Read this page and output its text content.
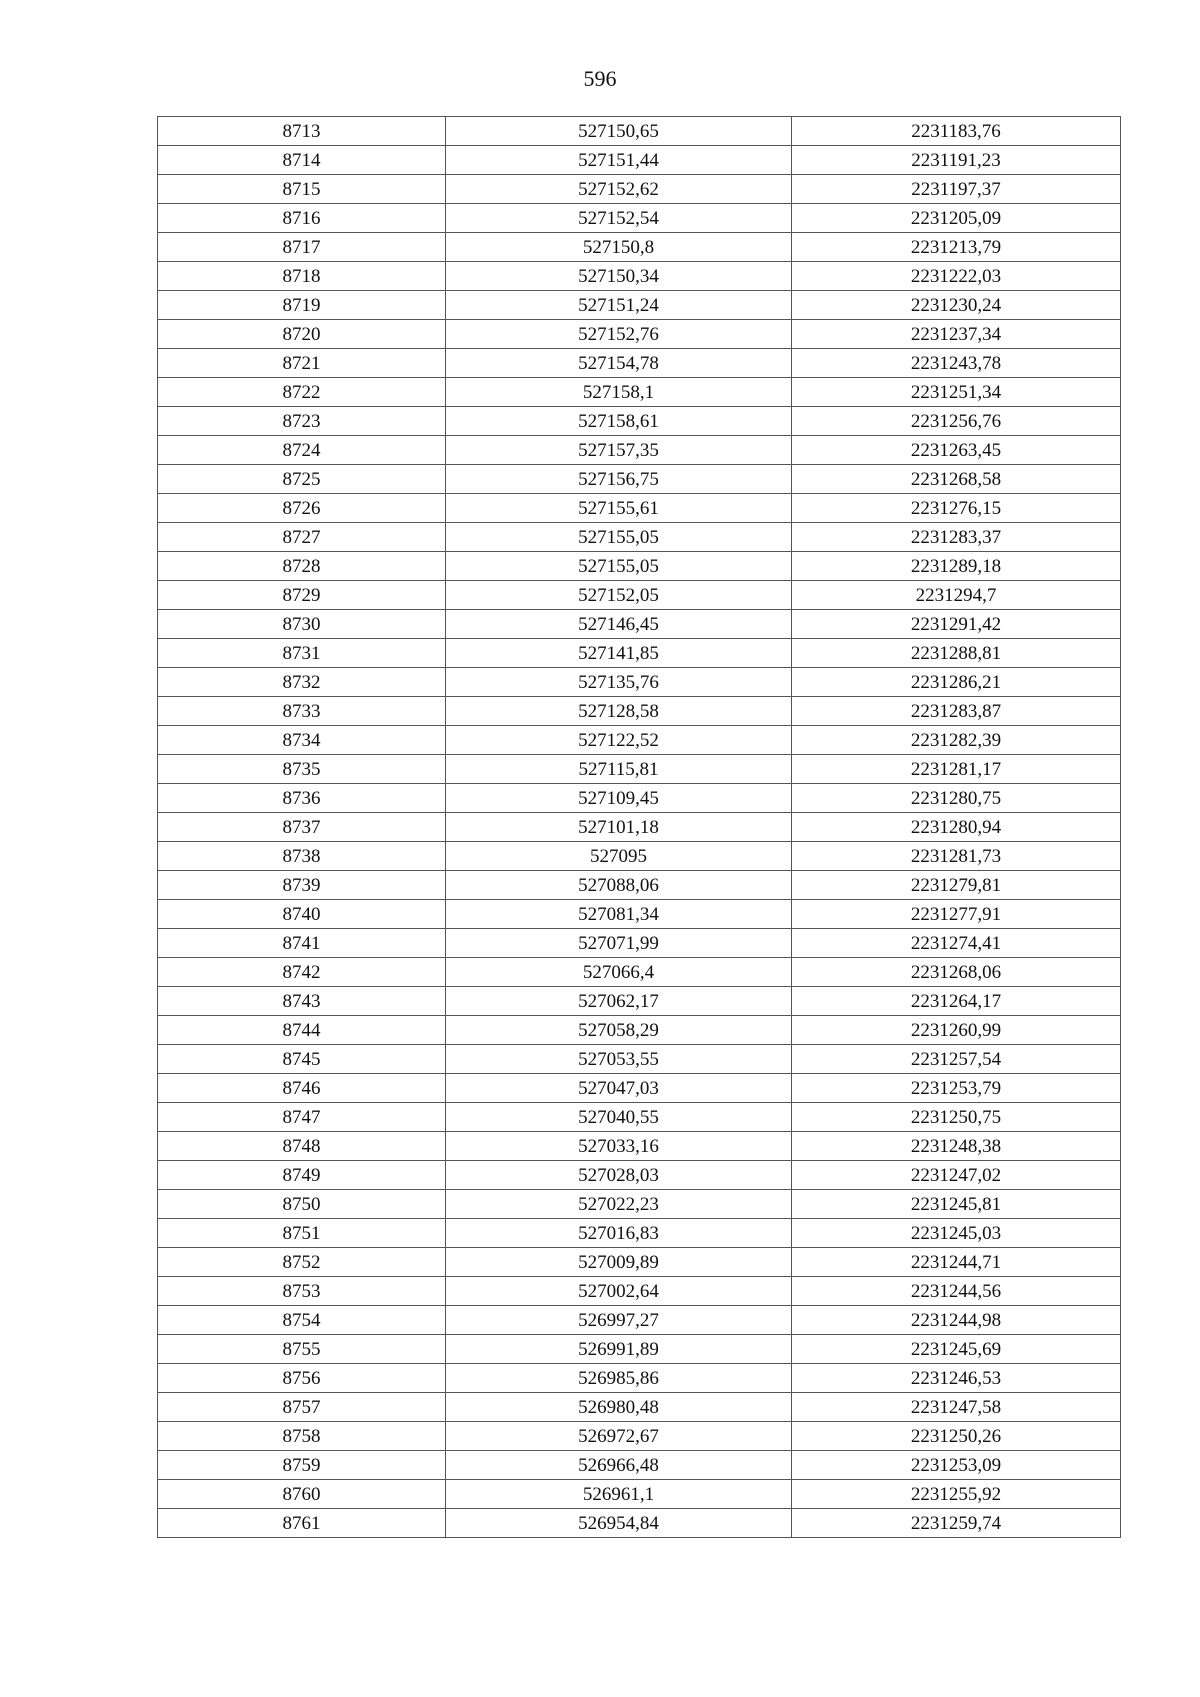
596
8713	527150,65	2231183,76
8714	527151,44	2231191,23
8715	527152,62	2231197,37
8716	527152,54	2231205,09
8717	527150,8	2231213,79
8718	527150,34	2231222,03
8719	527151,24	2231230,24
8720	527152,76	2231237,34
8721	527154,78	2231243,78
8722	527158,1	2231251,34
8723	527158,61	2231256,76
8724	527157,35	2231263,45
8725	527156,75	2231268,58
8726	527155,61	2231276,15
8727	527155,05	2231283,37
8728	527155,05	2231289,18
8729	527152,05	2231294,7
8730	527146,45	2231291,42
8731	527141,85	2231288,81
8732	527135,76	2231286,21
8733	527128,58	2231283,87
8734	527122,52	2231282,39
8735	527115,81	2231281,17
8736	527109,45	2231280,75
8737	527101,18	2231280,94
8738	527095	2231281,73
8739	527088,06	2231279,81
8740	527081,34	2231277,91
8741	527071,99	2231274,41
8742	527066,4	2231268,06
8743	527062,17	2231264,17
8744	527058,29	2231260,99
8745	527053,55	2231257,54
8746	527047,03	2231253,79
8747	527040,55	2231250,75
8748	527033,16	2231248,38
8749	527028,03	2231247,02
8750	527022,23	2231245,81
8751	527016,83	2231245,03
8752	527009,89	2231244,71
8753	527002,64	2231244,56
8754	526997,27	2231244,98
8755	526991,89	2231245,69
8756	526985,86	2231246,53
8757	526980,48	2231247,58
8758	526972,67	2231250,26
8759	526966,48	2231253,09
8760	526961,1	2231255,92
8761	526954,84	2231259,74
